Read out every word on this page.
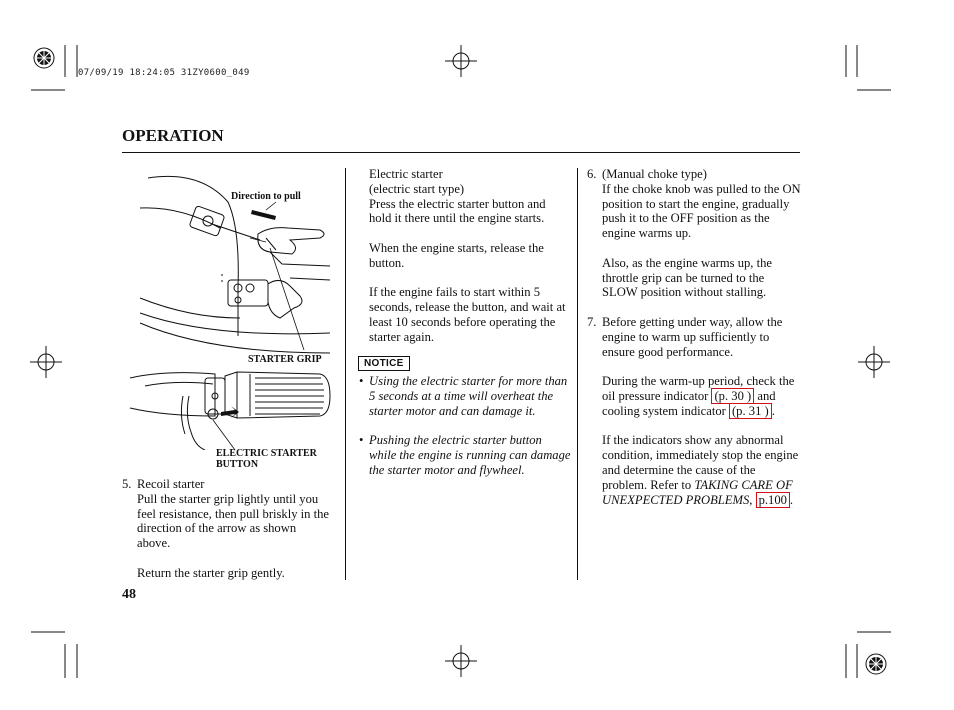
07/09/19 18:24:05 31ZY0600_049
OPERATION
Direction to pull
STARTER GRIP
ELECTRIC STARTER
BUTTON
5. Recoil starter

Pull the starter grip lightly until you feel resistance, then pull briskly in the direction of the arrow as shown above.

Return the starter grip gently.

Electric starter

(electric start type)

Press the electric starter button and hold it there until the engine starts.

When the engine starts, release the button.

If the engine fails to start within 5 seconds, release the button, and wait at least 10 seconds before operating the starter again.

NOTICE
• Using the electric starter for more than 5 seconds at a time will overheat the starter motor and can damage it.
• Pushing the electric starter button while the engine is running can damage the starter motor and flywheel.
6. (Manual choke type)

If the choke knob was pulled to the ON position to start the engine, gradually push it to the OFF position as the engine warms up.

Also, as the engine warms up, the throttle grip can be turned to the SLOW position without stalling.

7. Before getting under way, allow the engine to warm up sufficiently to ensure good performance.

During the warm-up period, check the oil pressure indicator (p. 30 ) and cooling system indicator (p. 31 ) .

If the indicators show any abnormal condition, immediately stop the engine and determine the cause of the problem. Refer to TAKING CARE OF UNEXPECTED PROBLEMS, p.100 .

48
